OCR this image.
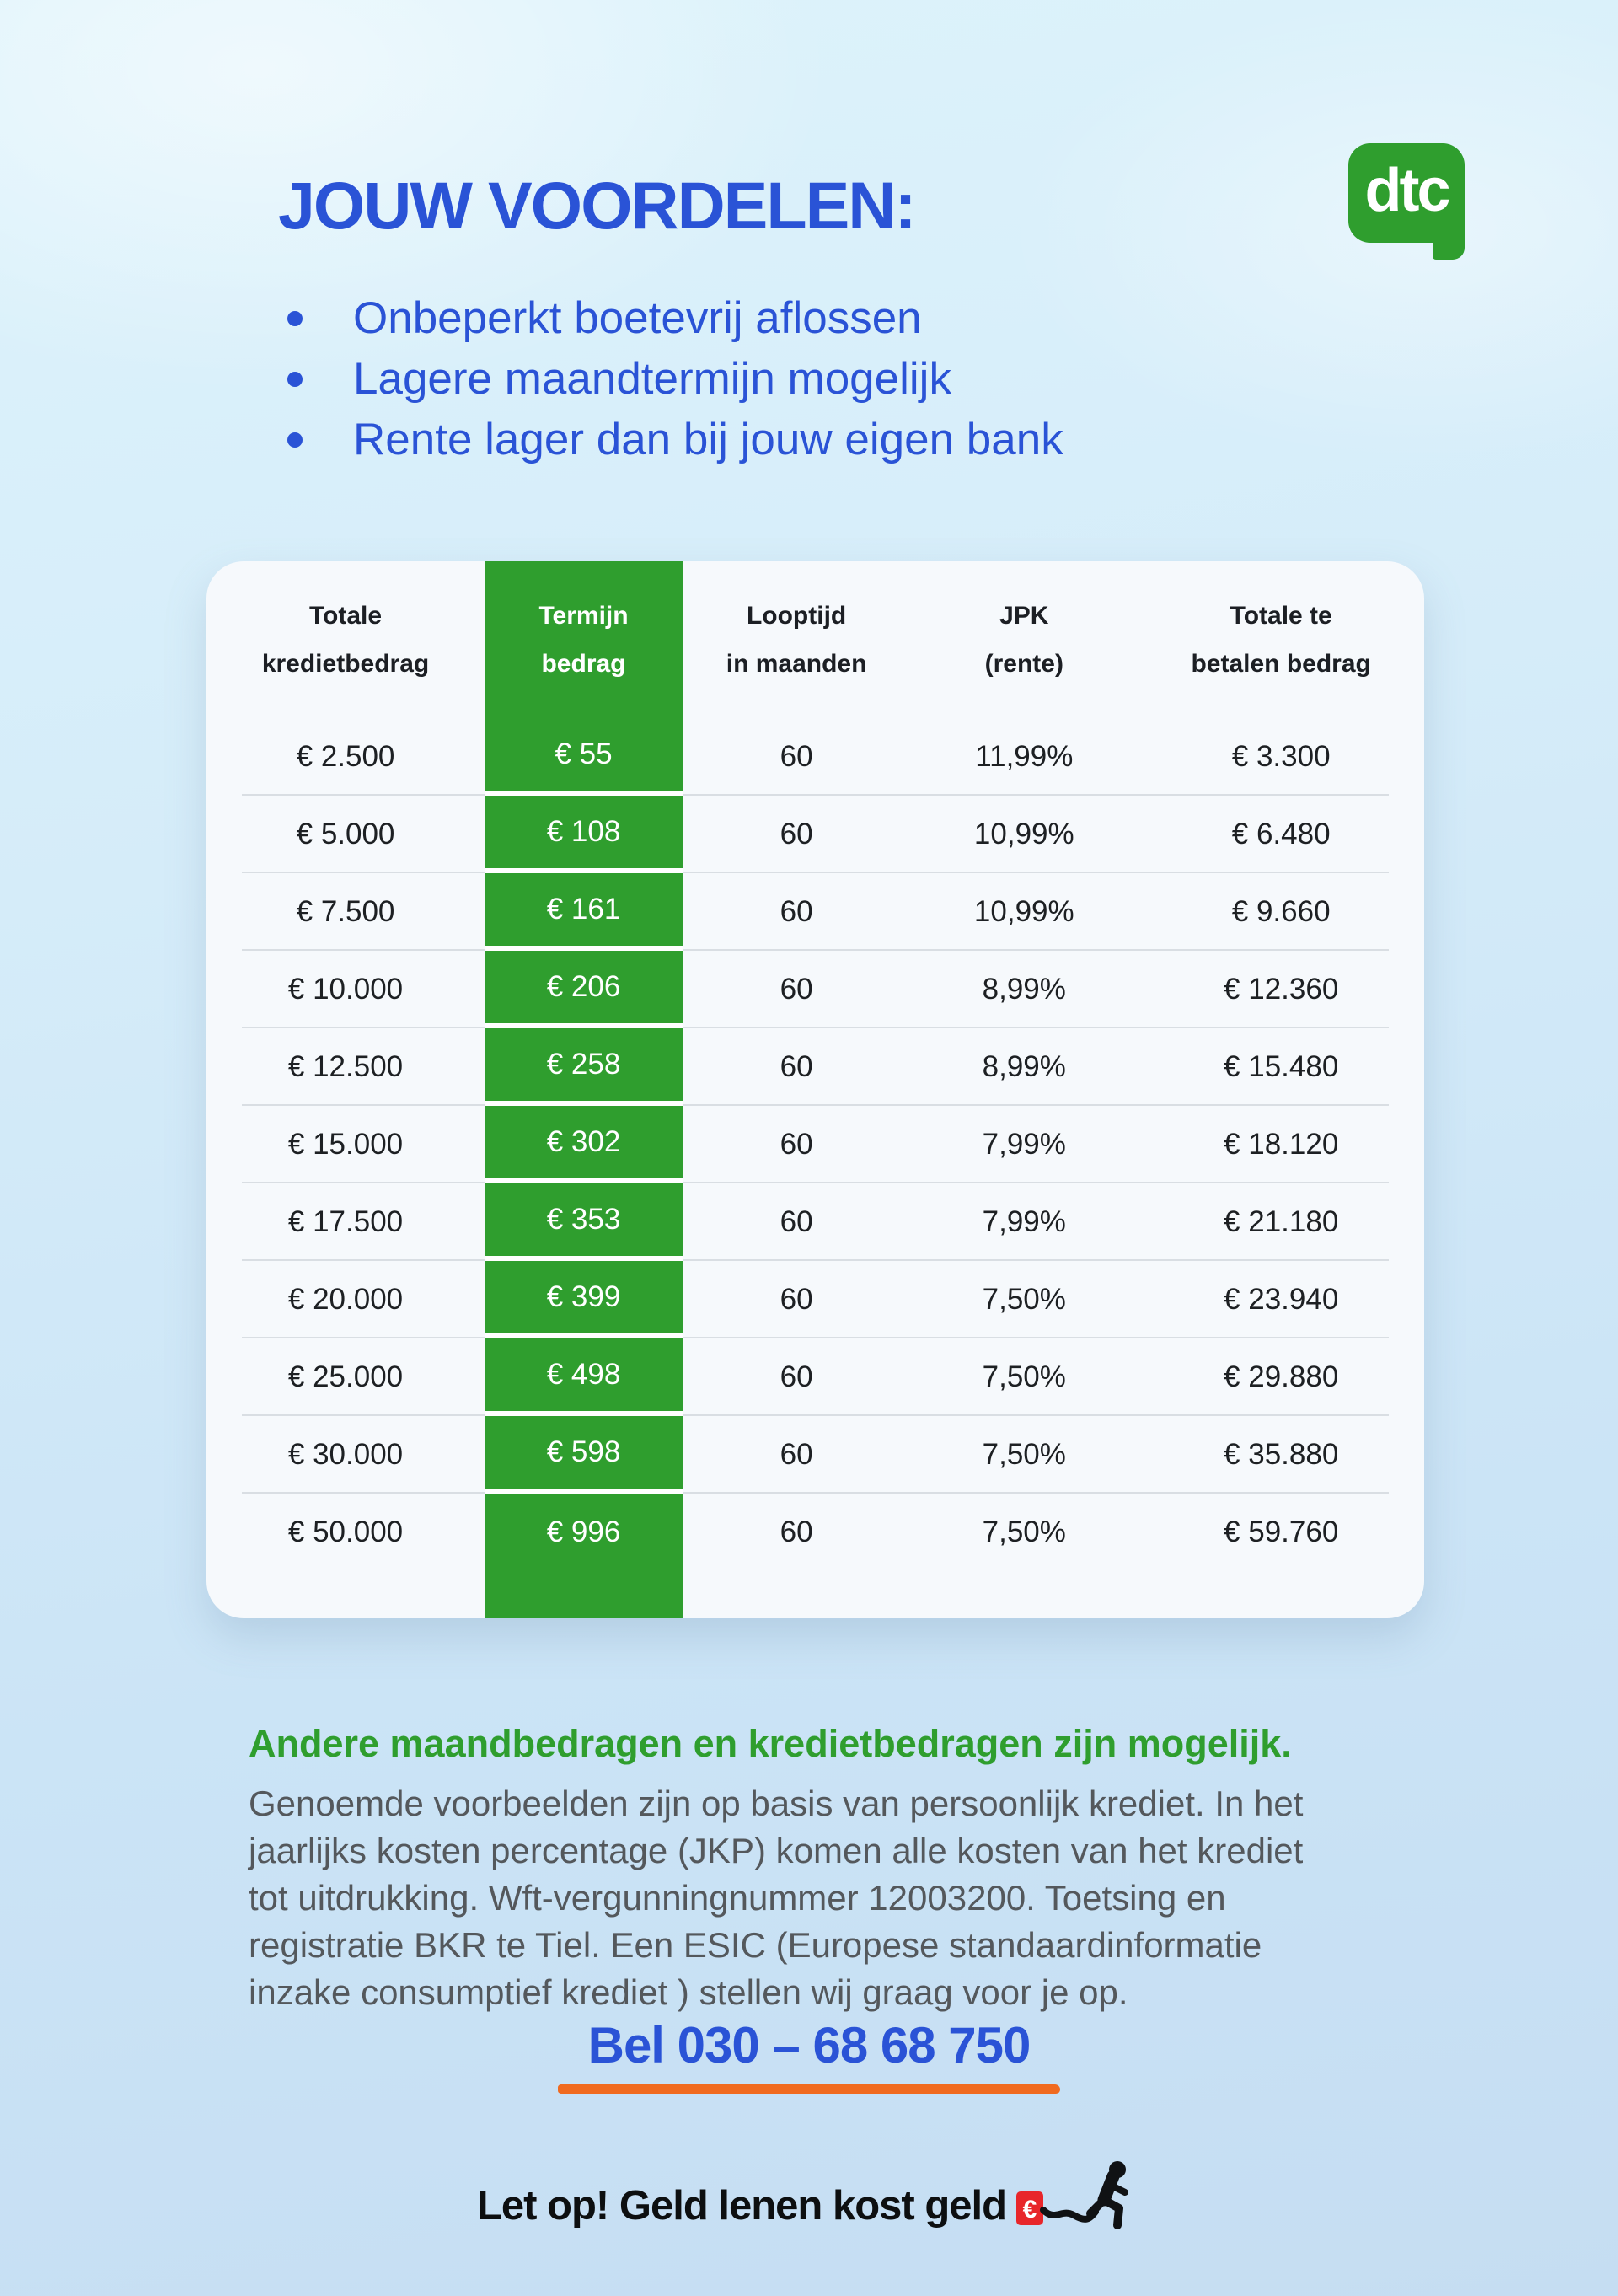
dtc
JOUW VOORDELEN:
Onbeperkt boetevrij aflossen
Lagere maandtermijn mogelijk
Rente lager dan bij jouw eigen bank
Totale
kredietbedrag
Termijn
bedrag
Looptijd
in maanden
JPK
(rente)
Totale te
betalen bedrag
€ 2.500	€ 55	60	11,99%	€ 3.300
€ 5.000	€ 108	60	10,99%	€ 6.480
€ 7.500	€ 161	60	10,99%	€ 9.660
€ 10.000	€ 206	60	8,99%	€ 12.360
€ 12.500	€ 258	60	8,99%	€ 15.480
€ 15.000	€ 302	60	7,99%	€ 18.120
€ 17.500	€ 353	60	7,99%	€ 21.180
€ 20.000	€ 399	60	7,50%	€ 23.940
€ 25.000	€ 498	60	7,50%	€ 29.880
€ 30.000	€ 598	60	7,50%	€ 35.880
€ 50.000	€ 996	60	7,50%	€ 59.760
Andere maandbedragen en kredietbedragen zijn mogelijk.

Genoemde voorbeelden zijn op basis van persoonlijk krediet. In het jaarlijks kosten percentage (JKP) komen alle kosten van het krediet tot uitdrukking. Wft-vergunningnummer 12003200. Toetsing en registratie BKR te Tiel. Een ESIC (Europese standaardinformatie inzake consumptief krediet ) stellen wij graag voor je op.

Bel 030 – 68 68 750
Let op! Geld lenen kost geld €
